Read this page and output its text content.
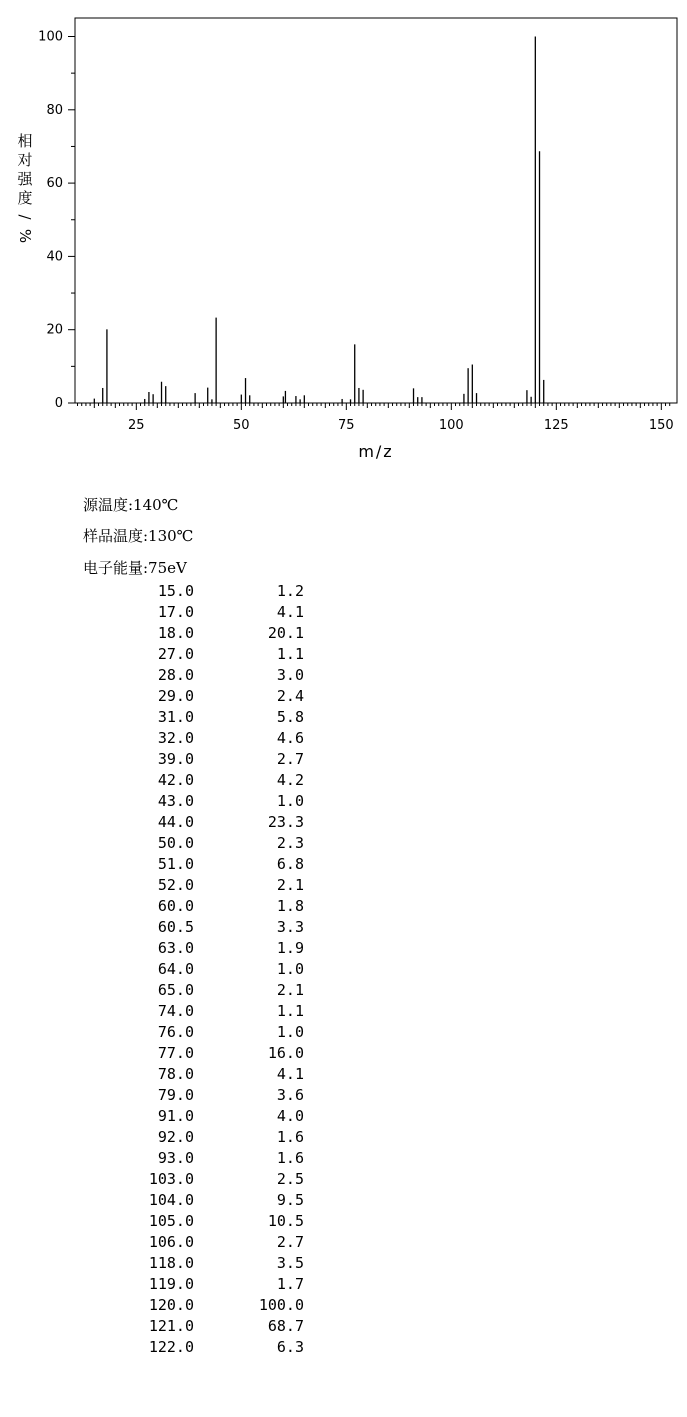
25	50	75	100	125	150
0
20
40
60
80
100
m/z
相
对
强
度
/
%
源温度:140℃
样品温度:130℃
电子能量:75eV
15.0	1.2
17.0	4.1
18.0	20.1
27.0	1.1
28.0	3.0
29.0	2.4
31.0	5.8
32.0	4.6
39.0	2.7
42.0	4.2
43.0	1.0
44.0	23.3
50.0	2.3
51.0	6.8
52.0	2.1
60.0	1.8
60.5	3.3
63.0	1.9
64.0	1.0
65.0	2.1
74.0	1.1
76.0	1.0
77.0	16.0
78.0	4.1
79.0	3.6
91.0	4.0
92.0	1.6
93.0	1.6
103.0	2.5
104.0	9.5
105.0	10.5
106.0	2.7
118.0	3.5
119.0	1.7
120.0	100.0
121.0	68.7
122.0	6.3
